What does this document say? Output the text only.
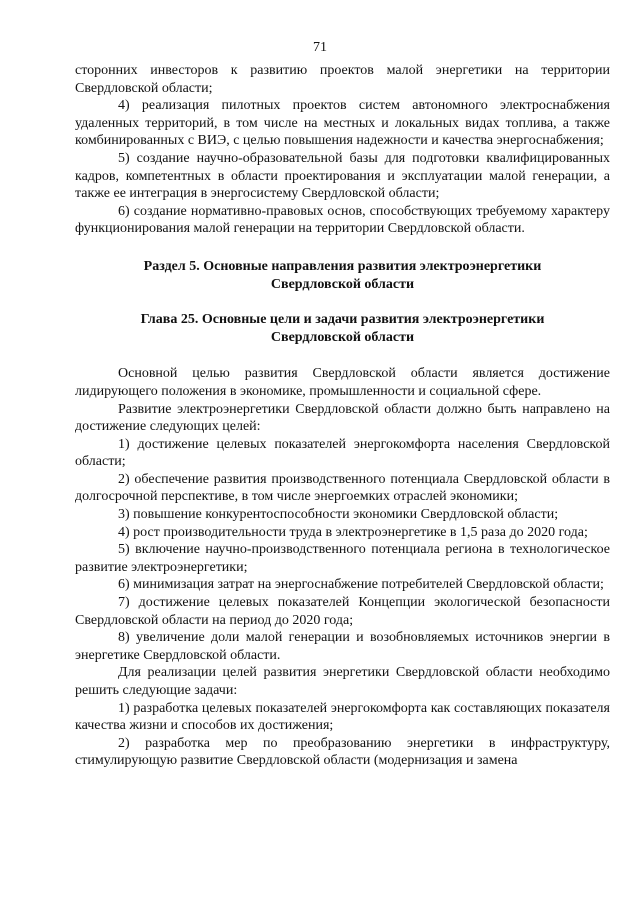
71

сторонних инвесторов к развитию проектов малой энергетики на территории Свердловской области;

4) реализация пилотных проектов систем автономного электроснабжения удаленных территорий, в том числе на местных и локальных видах топлива, а также комбинированных с ВИЭ, с целью повышения надежности и качества энергоснабжения;

5) создание научно-образовательной базы для подготовки квалифицированных кадров, компетентных в области проектирования и эксплуатации малой генерации, а также ее интеграция в энергосистему Свердловской области;

6) создание нормативно-правовых основ, способствующих требуемому характеру функционирования малой генерации на территории Свердловской области.

Раздел 5. Основные направления развития электроэнергетики
Свердловской области
Глава 25. Основные цели и задачи развития электроэнергетики
Свердловской области

Основной целью развития Свердловской области является достижение лидирующего положения в экономике, промышленности и социальной сфере.

Развитие электроэнергетики Свердловской области должно быть направлено на достижение следующих целей:

1) достижение целевых показателей энергокомфорта населения Свердловской области;

2) обеспечение развития производственного потенциала Свердловской области в долгосрочной перспективе, в том числе энергоемких отраслей экономики;

3) повышение конкурентоспособности экономики Свердловской области;

4) рост производительности труда в электроэнергетике в 1,5 раза до 2020 года;

5) включение научно-производственного потенциала региона в технологическое развитие электроэнергетики;

6) минимизация затрат на энергоснабжение потребителей Свердловской области;

7) достижение целевых показателей Концепции экологической безопасности Свердловской области на период до 2020 года;

8) увеличение доли малой генерации и возобновляемых источников энергии в энергетике Свердловской области.

Для реализации целей развития энергетики Свердловской области необходимо решить следующие задачи:

1) разработка целевых показателей энергокомфорта как составляющих показателя качества жизни и способов их достижения;

2) разработка мер по преобразованию энергетики в инфраструктуру, стимулирующую развитие Свердловской области (модернизация и замена
